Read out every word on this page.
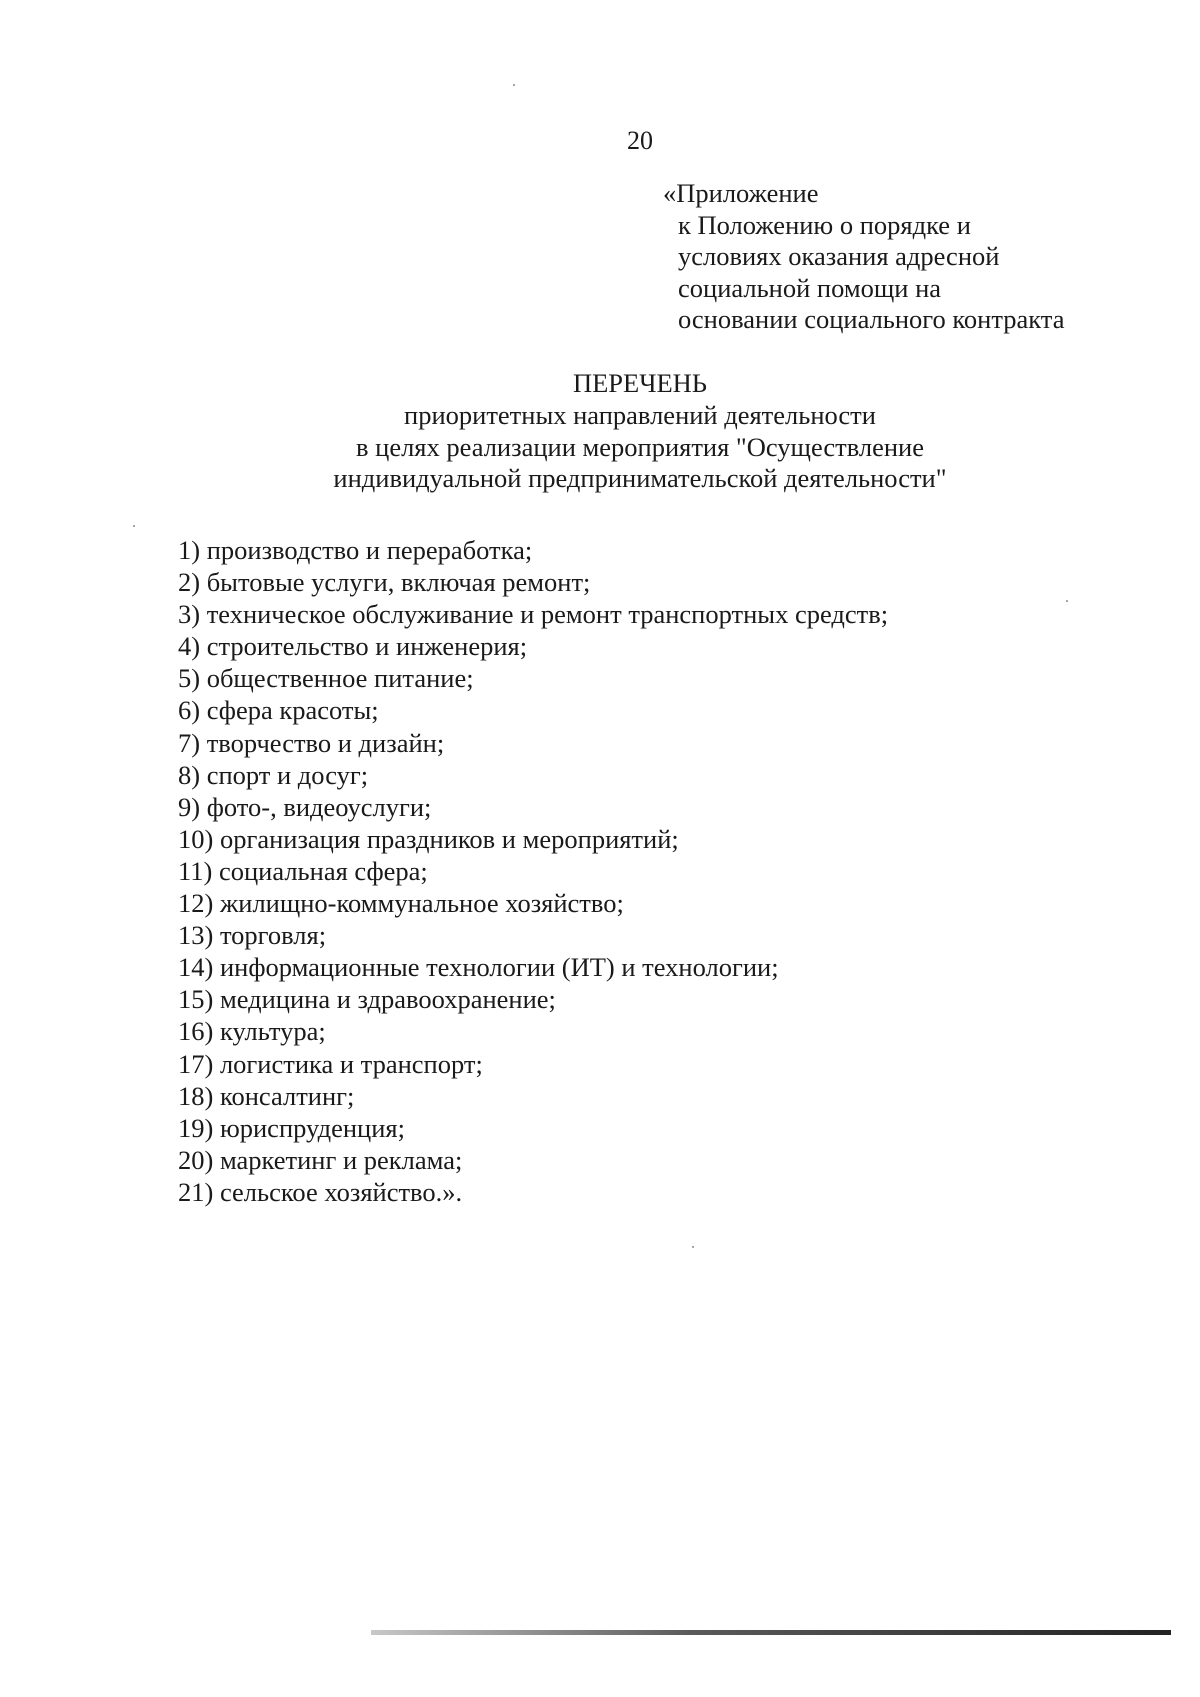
20
«Приложение
к Положению о порядке и
условиях оказания адресной
социальной помощи на
основании социального контракта
ПЕРЕЧЕНЬ
приоритетных направлений деятельности
в целях реализации мероприятия "Осуществление
индивидуальной предпринимательской деятельности"
1) производство и переработка;
2) бытовые услуги, включая ремонт;
3) техническое обслуживание и ремонт транспортных средств;
4) строительство и инженерия;
5) общественное питание;
6) сфера красоты;
7) творчество и дизайн;
8) спорт и досуг;
9) фото-, видеоуслуги;
10) организация праздников и мероприятий;
11) социальная сфера;
12) жилищно-коммунальное хозяйство;
13) торговля;
14) информационные технологии (ИТ) и технологии;
15) медицина и здравоохранение;
16) культура;
17) логистика и транспорт;
18) консалтинг;
19) юриспруденция;
20) маркетинг и реклама;
21) сельское хозяйство.».
